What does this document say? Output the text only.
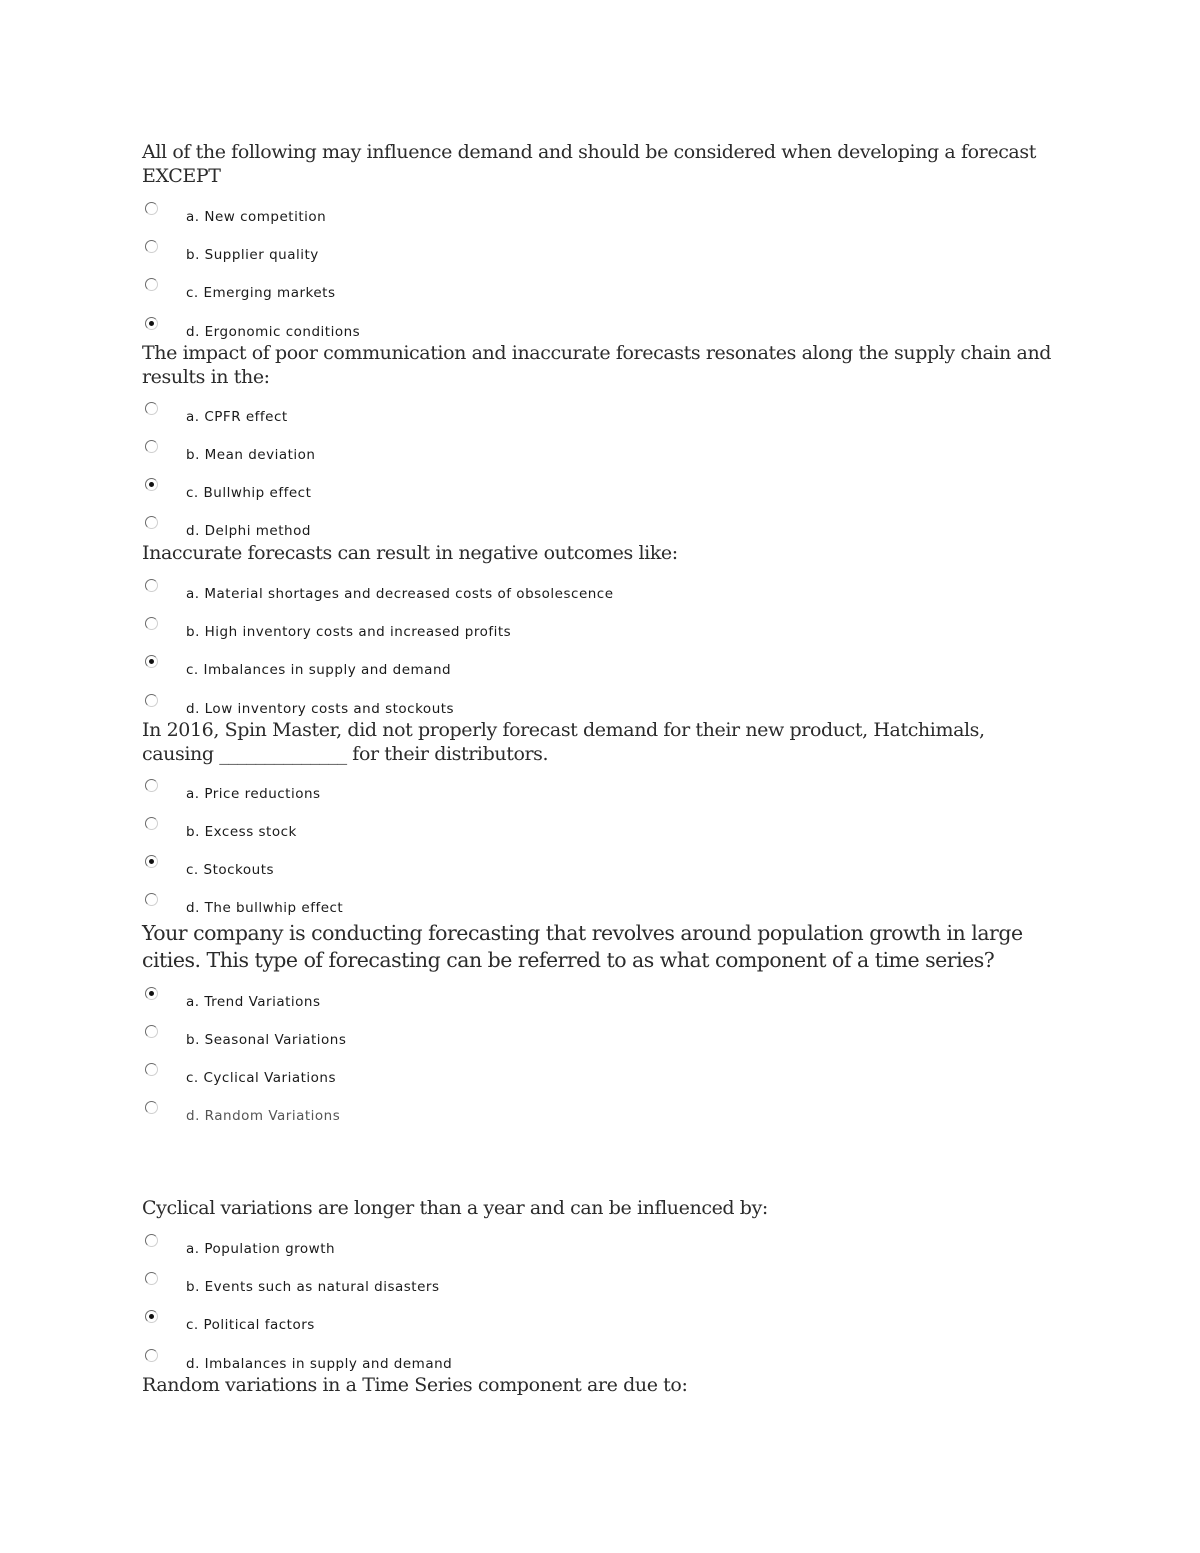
All of the following may influence demand and should be considered when developing a forecast EXCEPT

a. New competition
b. Supplier quality
c. Emerging markets
d. Ergonomic conditions

The impact of poor communication and inaccurate forecasts resonates along the supply chain and results in the:

a. CPFR effect
b. Mean deviation
c. Bullwhip effect
d. Delphi method

Inaccurate forecasts can result in negative outcomes like:

a. Material shortages and decreased costs of obsolescence
b. High inventory costs and increased profits
c. Imbalances in supply and demand
d. Low inventory costs and stockouts

In 2016, Spin Master, did not properly forecast demand for their new product, Hatchimals, causing ______________ for their distributors.

a. Price reductions
b. Excess stock
c. Stockouts
d. The bullwhip effect

Your company is conducting forecasting that revolves around population growth in large cities. This type of forecasting can be referred to as what component of a time series?

a. Trend Variations
b. Seasonal Variations
c. Cyclical Variations
d. Random Variations

Cyclical variations are longer than a year and can be influenced by:

a. Population growth
b. Events such as natural disasters
c. Political factors
d. Imbalances in supply and demand

Random variations in a Time Series component are due to:
